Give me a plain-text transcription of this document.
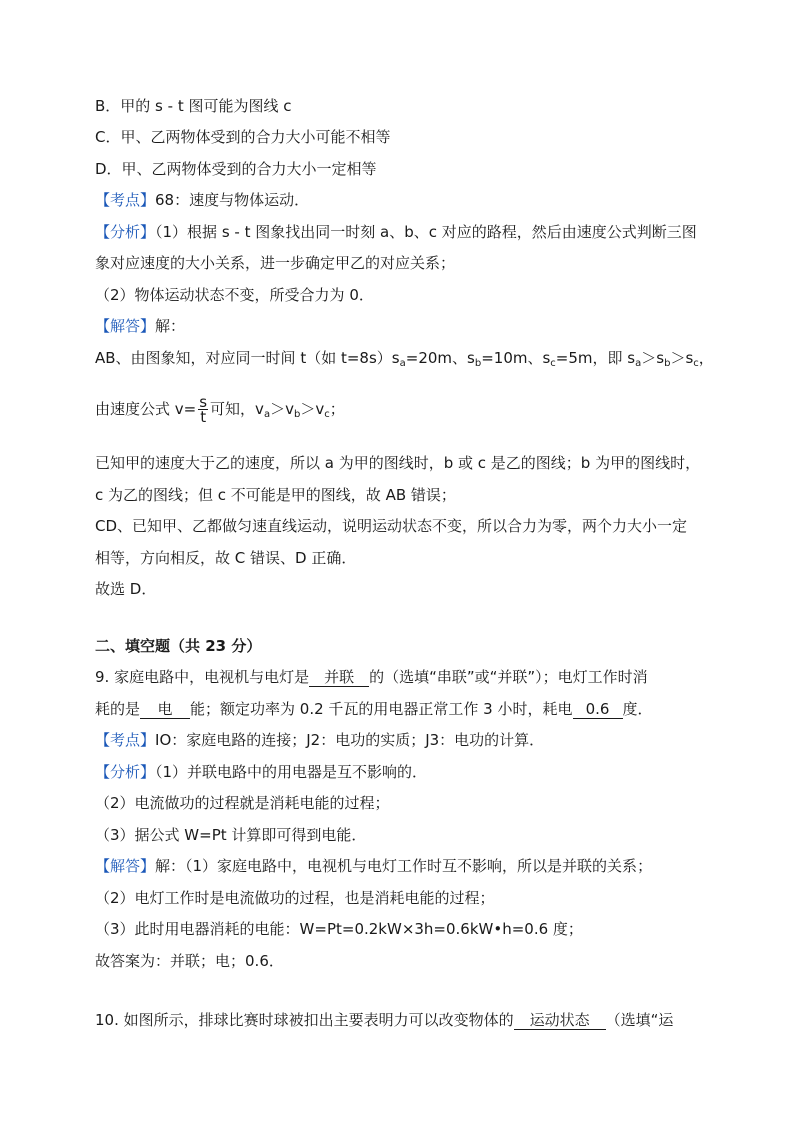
B．甲的 s - t 图可能为图线 c
C．甲、乙两物体受到的合力大小可能不相等
D．甲、乙两物体受到的合力大小一定相等
【考点】68：速度与物体运动．
【分析】（1）根据 s - t 图象找出同一时刻 a、b、c 对应的路程，然后由速度公式判断三图
象对应速度的大小关系，进一步确定甲乙的对应关系；
（2）物体运动状态不变，所受合力为 0．
【解答】解：
AB、由图象知，对应同一时间 t（如 $t=8s)s_a=20m$、$s_b=10m$、$s_c=5m$，即 $s_a>s_b>s_c$，
由速度公式 $v= \frac{s}{t}$ 可知，$v_a>v_b>v_c$；
已知甲的速度大于乙的速度，所以 a 为甲的图线时，b 或 c 是乙的图线；b 为甲的图线时，
c 为乙的图线；但 c 不可能是甲的图线，故 AB 错误；
CD、已知甲、乙都做匀速直线运动，说明运动状态不变，所以合力为零，两个力大小一定
相等，方向相反，故 C 错误、D 正确．
故选 D．
二、填空题（共 23 分）
9. 家庭电路中，电视机与电灯是 并联 的（选填“串联”或“并联”）；电灯工作时消
耗的是 电 能；额定功率为 0.2 千瓦的用电器正常工作 3 小时，耗电 0.6 度．
【考点】IO：家庭电路的连接；J2：电功的实质；J3：电功的计算．
【分析】（1）并联电路中的用电器是互不影响的．
（2）电流做功的过程就是消耗电能的过程；
（3）据公式 W=Pt 计算即可得到电能．
【解答】解：（1）家庭电路中，电视机与电灯工作时互不影响，所以是并联的关系；
（2）电灯工作时是电流做功的过程，也是消耗电能的过程；
（3）此时用电器消耗的电能：W=Pt=0.2kW×3h=0.6kW•h=0.6 度；
故答案为：并联；电；0.6．
10. 如图所示，排球比赛时球被扣出主要表明力可以改变物体的 运动状态 （选填“运
